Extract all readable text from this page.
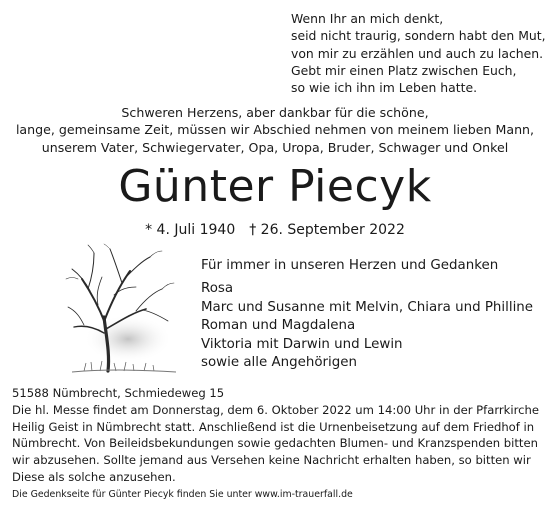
Wenn Ihr an mich denkt,
seid nicht traurig, sondern habt den Mut,
von mir zu erzählen und auch zu lachen.
Gebt mir einen Platz zwischen Euch,
so wie ich ihn im Leben hatte.
Schweren Herzens, aber dankbar für die schöne,
lange, gemeinsame Zeit, müssen wir Abschied nehmen von meinem lieben Mann,
unserem Vater, Schwiegervater, Opa, Uropa, Bruder, Schwager und Onkel
Günter Piecyk
* 4. Juli 1940 † 26. September 2022
Für immer in unseren Herzen und Gedanken
Rosa
Marc und Susanne mit Melvin, Chiara und Philline
Roman und Magdalena
Viktoria mit Darwin und Lewin
sowie alle Angehörigen
51588 Nümbrecht, Schmiedeweg 15
Die hl. Messe findet am Donnerstag, dem 6. Oktober 2022 um 14:00 Uhr in der Pfarrkirche Heilig Geist in Nümbrecht statt. Anschließend ist die Urnenbeisetzung auf dem Friedhof in Nümbrecht. Von Beileidsbekundungen sowie gedachten Blumen- und Kranzspenden bitten wir abzusehen. Sollte jemand aus Versehen keine Nachricht erhalten haben, so bitten wir Diese als solche anzusehen.
Die Gedenkseite für Günter Piecyk finden Sie unter www.im-trauerfall.de
